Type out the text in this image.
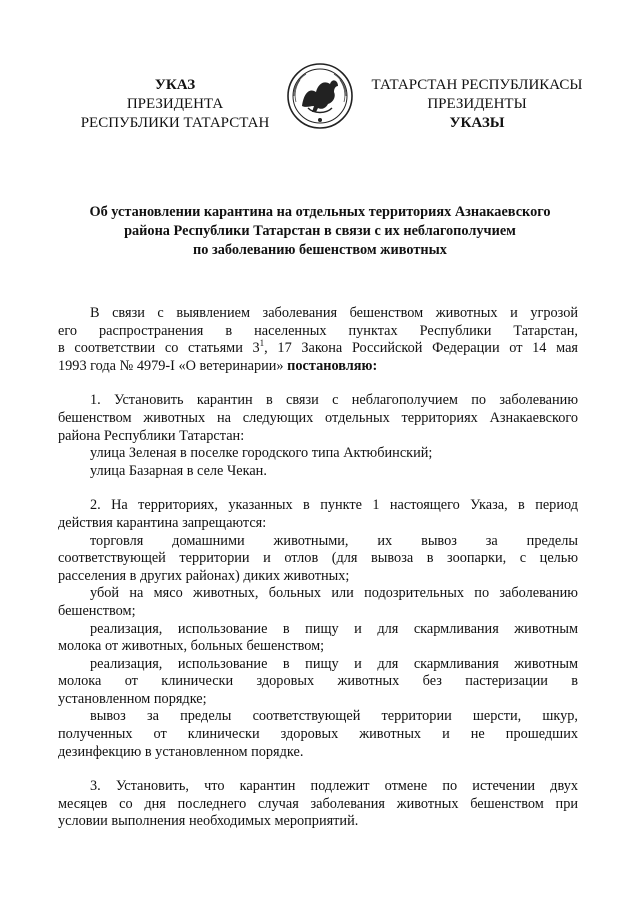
УКАЗ
ПРЕЗИДЕНТА
РЕСПУБЛИКИ ТАТАРСТАН
ТАТАРСТАН РЕСПУБЛИКАСЫ
ПРЕЗИДЕНТЫ
УКАЗЫ
Об установлении карантина на отдельных территориях Азнакаевского
района Республики Татарстан в связи с их неблагополучием
по заболеванию бешенством животных
В связи с выявлением заболевания бешенством животных и угрозой
его распространения в населенных пунктах Республики Татарстан,
в соответствии со статьями $3^1$, 17 Закона Российской Федерации от 14 мая
1993 года № 4979-I «О ветеринарии» постановляю:
1. Установить карантин в связи с неблагополучием по заболеванию
бешенством животных на следующих отдельных территориях Азнакаевского
района Республики Татарстан:
улица Зеленая в поселке городского типа Актюбинский;
улица Базарная в селе Чекан.
2. На территориях, указанных в пункте 1 настоящего Указа, в период
действия карантина запрещаются:
торговля домашними животными, их вывоз за пределы
соответствующей территории и отлов (для вывоза в зоопарки, с целью
расселения в других районах) диких животных;
убой на мясо животных, больных или подозрительных по заболеванию
бешенством;
реализация, использование в пищу и для скармливания животным
молока от животных, больных бешенством;
реализация, использование в пищу и для скармливания животным
молока от клинически здоровых животных без пастеризации в
установленном порядке;
вывоз за пределы соответствующей территории шерсти, шкур,
полученных от клинически здоровых животных и не прошедших
дезинфекцию в установленном порядке.
3. Установить, что карантин подлежит отмене по истечении двух
месяцев со дня последнего случая заболевания животных бешенством при
условии выполнения необходимых мероприятий.
